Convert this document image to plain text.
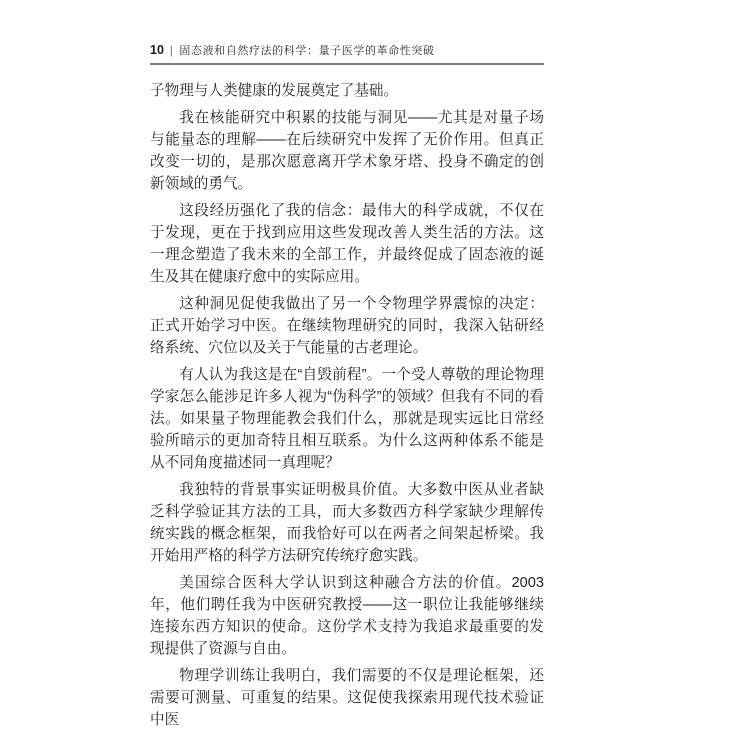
10 | 固态液和自然疗法的科学：量子医学的革命性突破

子物理与人类健康的发展奠定了基础。

我在核能研究中积累的技能与洞见——尤其是对量子场与能量态的理解——在后续研究中发挥了无价作用。但真正改变一切的，是那次愿意离开学术象牙塔、投身不确定的创新领域的勇气。

这段经历强化了我的信念：最伟大的科学成就，不仅在于发现，更在于找到应用这些发现改善人类生活的方法。这一理念塑造了我未来的全部工作，并最终促成了固态液的诞生及其在健康疗愈中的实际应用。

这种洞见促使我做出了另一个令物理学界震惊的决定：正式开始学习中医。在继续物理研究的同时，我深入钻研经络系统、穴位以及关于气能量的古老理论。

有人认为我这是在“自毁前程”。一个受人尊敬的理论物理学家怎么能涉足许多人视为“伪科学”的领域？但我有不同的看法。如果量子物理能教会我们什么，那就是现实远比日常经验所暗示的更加奇特且相互联系。为什么这两种体系不能是从不同角度描述同一真理呢？

我独特的背景事实证明极具价值。大多数中医从业者缺乏科学验证其方法的工具，而大多数西方科学家缺少理解传统实践的概念框架，而我恰好可以在两者之间架起桥梁。我开始用严格的科学方法研究传统疗愈实践。

美国综合医科大学认识到这种融合方法的价值。2003 年，他们聘任我为中医研究教授——这一职位让我能够继续连接东西方知识的使命。这份学术支持为我追求最重要的发现提供了资源与自由。

物理学训练让我明白，我们需要的不仅是理论框架，还需要可测量、可重复的结果。这促使我探索用现代技术验证中医
